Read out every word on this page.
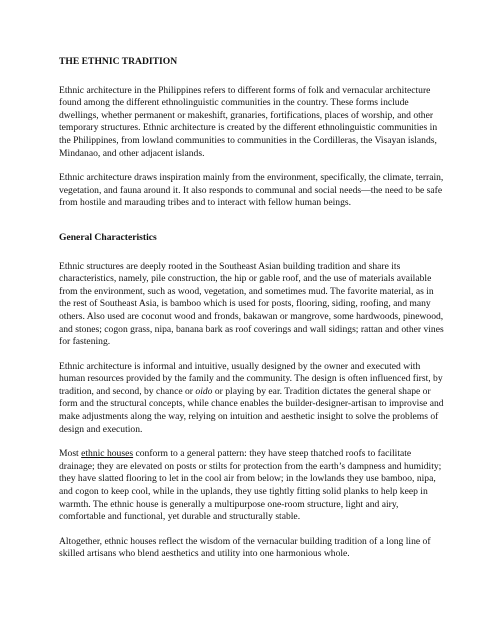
THE ETHNIC TRADITION

Ethnic architecture in the Philippines refers to different forms of folk and vernacular architecture found among the different ethnolinguistic communities in the country. These forms include dwellings, whether permanent or makeshift, granaries, fortifications, places of worship, and other temporary structures. Ethnic architecture is created by the different ethnolinguistic communities in the Philippines, from lowland communities to communities in the Cordilleras, the Visayan islands, Mindanao, and other adjacent islands.

Ethnic architecture draws inspiration mainly from the environment, specifically, the climate, terrain, vegetation, and fauna around it. It also responds to communal and social needs—the need to be safe from hostile and marauding tribes and to interact with fellow human beings.

General Characteristics

Ethnic structures are deeply rooted in the Southeast Asian building tradition and share its characteristics, namely, pile construction, the hip or gable roof, and the use of materials available from the environment, such as wood, vegetation, and sometimes mud. The favorite material, as in the rest of Southeast Asia, is bamboo which is used for posts, flooring, siding, roofing, and many others. Also used are coconut wood and fronds, bakawan or mangrove, some hardwoods, pinewood, and stones; cogon grass, nipa, banana bark as roof coverings and wall sidings; rattan and other vines for fastening.

Ethnic architecture is informal and intuitive, usually designed by the owner and executed with human resources provided by the family and the community. The design is often influenced first, by tradition, and second, by chance or oido or playing by ear. Tradition dictates the general shape or form and the structural concepts, while chance enables the builder-designer-artisan to improvise and make adjustments along the way, relying on intuition and aesthetic insight to solve the problems of design and execution.

Most ethnic houses conform to a general pattern: they have steep thatched roofs to facilitate drainage; they are elevated on posts or stilts for protection from the earth’s dampness and humidity; they have slatted flooring to let in the cool air from below; in the lowlands they use bamboo, nipa, and cogon to keep cool, while in the uplands, they use tightly fitting solid planks to help keep in warmth. The ethnic house is generally a multipurpose one-room structure, light and airy, comfortable and functional, yet durable and structurally stable.

Altogether, ethnic houses reflect the wisdom of the vernacular building tradition of a long line of skilled artisans who blend aesthetics and utility into one harmonious whole.
